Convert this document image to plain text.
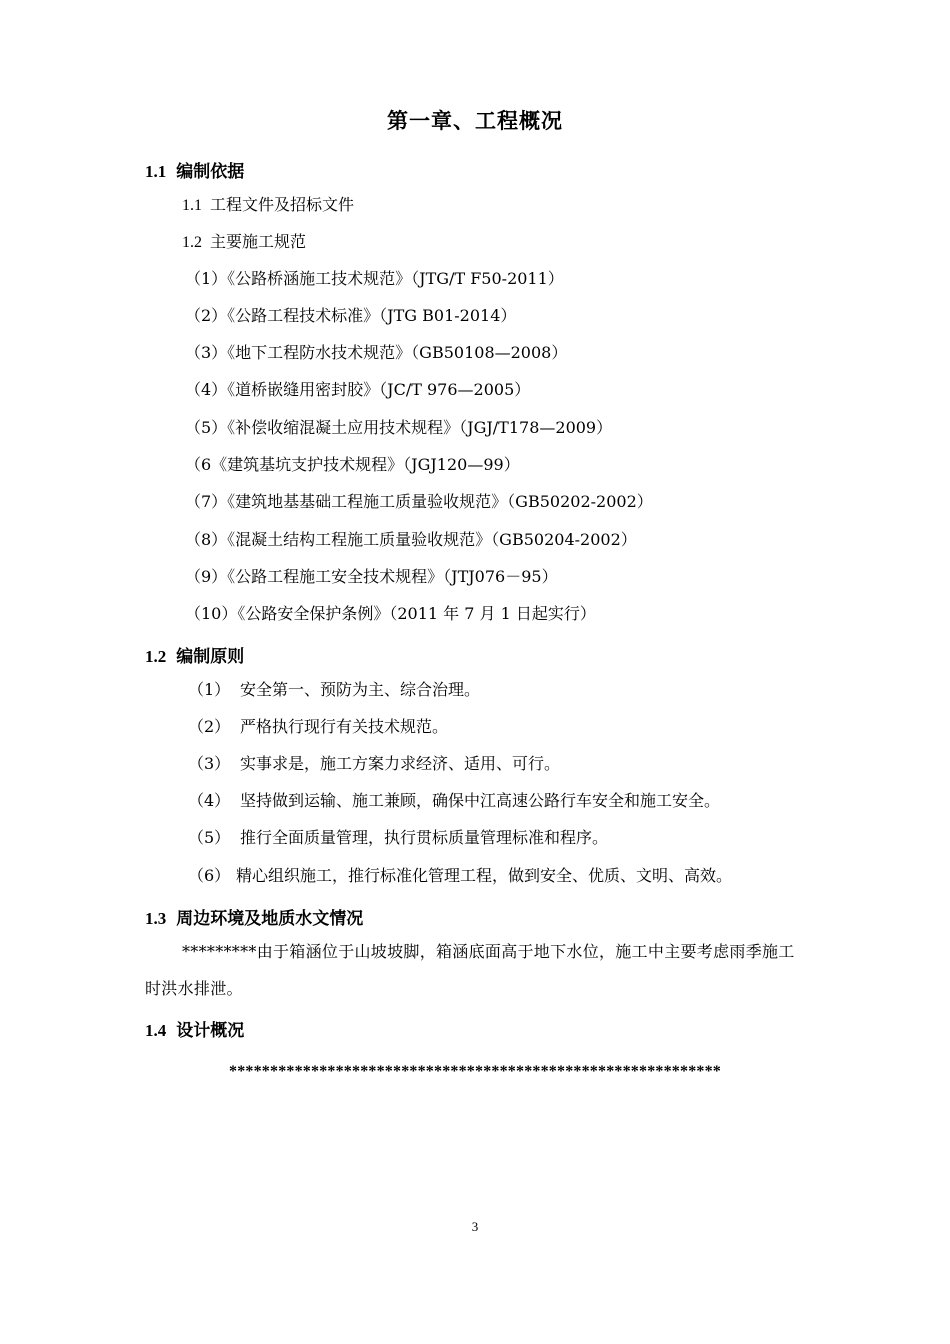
第一章、工程概况
1.1 编制依据
1.1 工程文件及招标文件
1.2 主要施工规范
（1）《公路桥涵施工技术规范》（JTG/T F50-2011）
（2）《公路工程技术标准》（JTG B01-2014）
（3）《地下工程防水技术规范》（GB50108—2008）
（4）《道桥嵌缝用密封胶》（JC/T 976—2005）
（5）《补偿收缩混凝土应用技术规程》（JGJ/T178—2009）
（6《建筑基坑支护技术规程》（JGJ120—99）
（7）《建筑地基基础工程施工质量验收规范》（GB50202-2002）
（8）《混凝土结构工程施工质量验收规范》（GB50204-2002）
（9）《公路工程施工安全技术规程》（JTJ076－95）
（10）《公路安全保护条例》（2011 年 7 月 1 日起实行）
1.2 编制原则
（1） 安全第一、预防为主、综合治理。
（2） 严格执行现行有关技术规范。
（3） 实事求是，施工方案力求经济、适用、可行。
（4） 坚持做到运输、施工兼顾，确保中江高速公路行车安全和施工安全。
（5） 推行全面质量管理，执行贯标质量管理标准和程序。
（6） 精心组织施工，推行标准化管理工程，做到安全、优质、文明、高效。
1.3 周边环境及地质水文情况
*********由于箱涵位于山坡坡脚，箱涵底面高于地下水位，施工中主要考虑雨季施工时洪水排泄。
1.4 设计概况
************************************************************
3
